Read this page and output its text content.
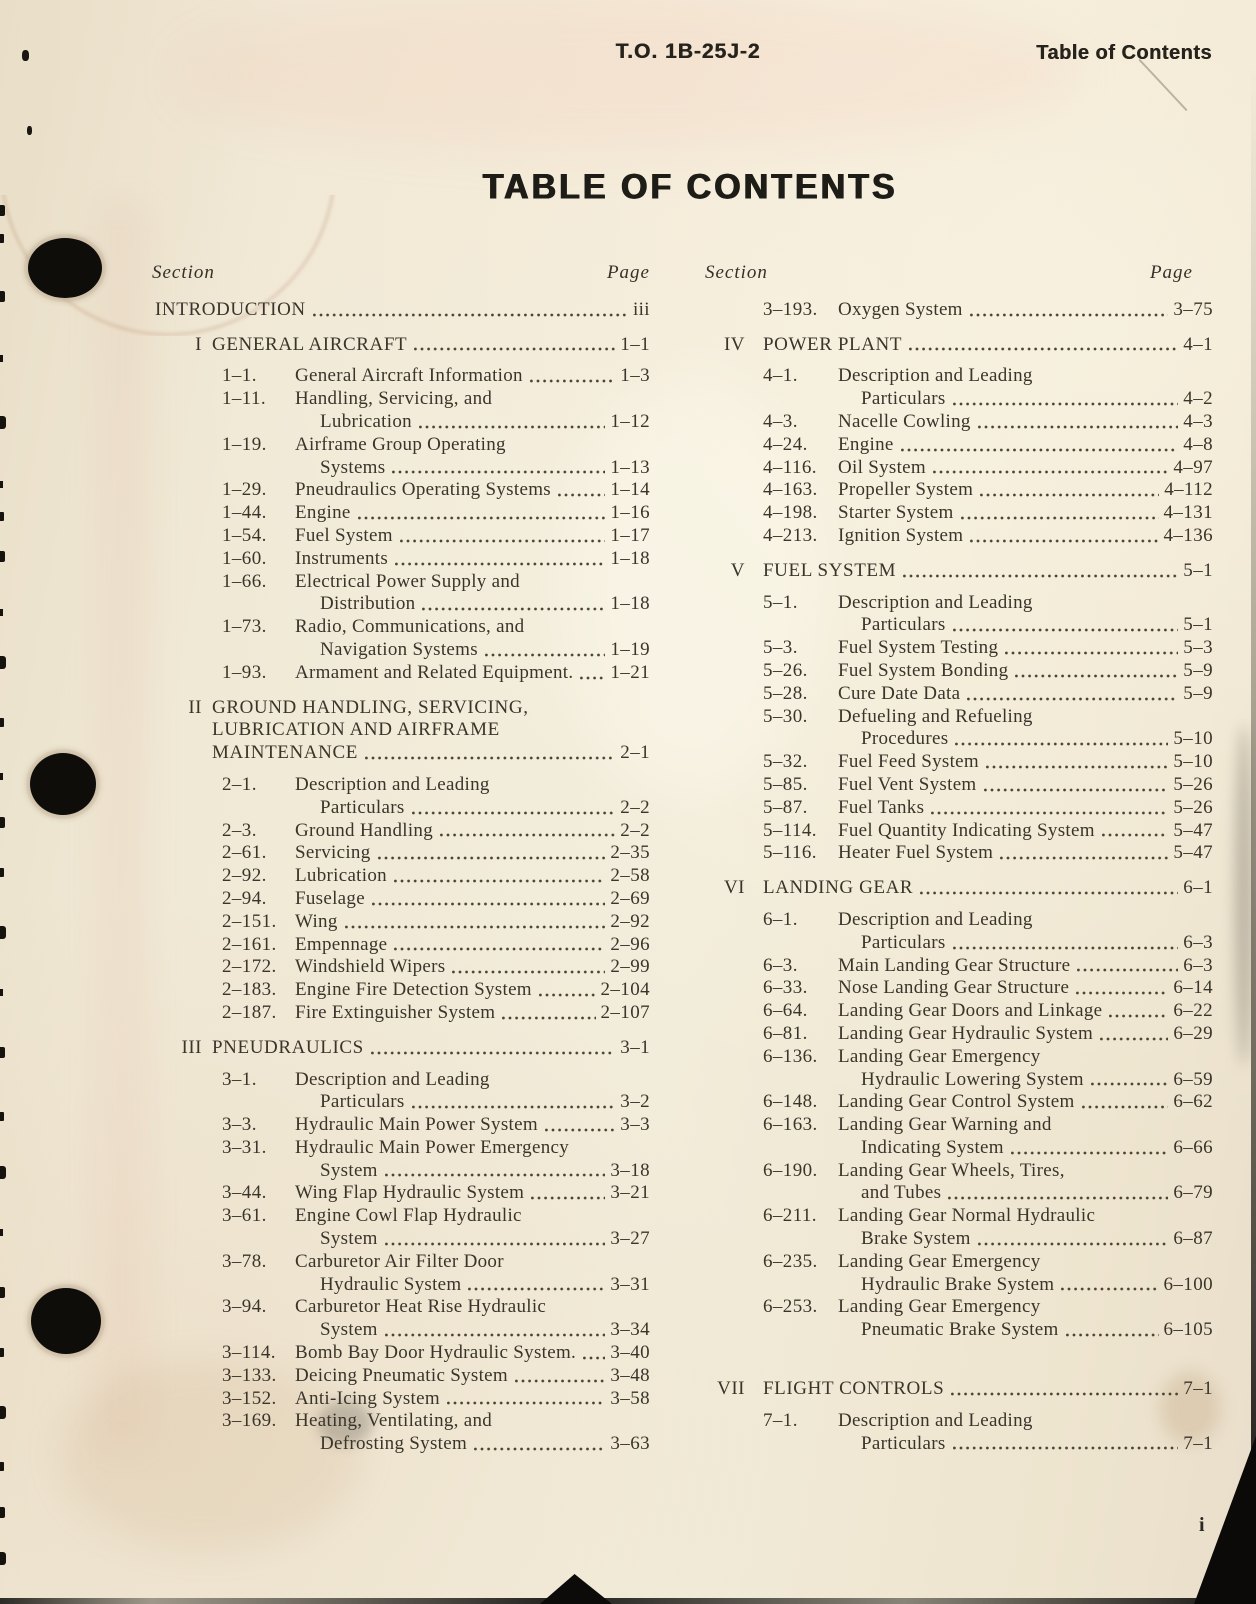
T.O. 1B-25J-2	Table of Contents
TABLE OF CONTENTS
Section	Page
INTRODUCTION	iii
I GENERAL AIRCRAFT	1–1
1–1.	General Aircraft Information	1–3
1–11.	Handling, Servicing, and
Lubrication	1–12
1–19.	Airframe Group Operating
Systems	1–13
1–29.	Pneudraulics Operating Systems	1–14
1–44.	Engine	1–16
1–54.	Fuel System	1–17
1–60.	Instruments	1–18
1–66.	Electrical Power Supply and
Distribution	1–18
1–73.	Radio, Communications, and
Navigation Systems	1–19
1–93.	Armament and Related Equipment. 1–21
II GROUND HANDLING, SERVICING,
LUBRICATION AND AIRFRAME
MAINTENANCE	2–1
2–1.	Description and Leading
Particulars	2–2
2–3.	Ground Handling	2–2
2–61.	Servicing	2–35
2–92.	Lubrication	2–58
2–94.	Fuselage	2–69
2–151. Wing	2–92
2–161. Empennage	2–96
2–172. Windshield Wipers	2–99
2–183. Engine Fire Detection System	2–104
2–187. Fire Extinguisher System	2–107
III PNEUDRAULICS	3–1
3–1.	Description and Leading
Particulars	3–2
3–3.	Hydraulic Main Power System	3–3
3–31.	Hydraulic Main Power Emergency
System	3–18
3–44.	Wing Flap Hydraulic System	3–21
3–61.	Engine Cowl Flap Hydraulic
System	3–27
3–78.	Carburetor Air Filter Door
Hydraulic System	3–31
3–94.	Carburetor Heat Rise Hydraulic
System	3–34
3–114.	Bomb Bay Door Hydraulic System. 3–40
3–133. Deicing Pneumatic System	3–48
3–152. Anti-Icing System	3–58
3–169. Heating, Ventilating, and
Defrosting System	3–63
Section	Page
3–193.	Oxygen System	3–75
IV POWER PLANT	4–1
4–1.	Description and Leading
Particulars	4–2
4–3.	Nacelle Cowling	4–3
4–24.	Engine	4–8
4–116.	Oil System	4–97
4–163.	Propeller System	4–112
4–198.	Starter System	4–131
4–213.	Ignition System	4–136
V FUEL SYSTEM	5–1
5–1.	Description and Leading
Particulars	5–1
5–3.	Fuel System Testing	5–3
5–26.	Fuel System Bonding	5–9
5–28.	Cure Date Data	5–9
5–30.	Defueling and Refueling
Procedures	5–10
5–32.	Fuel Feed System	5–10
5–85.	Fuel Vent System	5–26
5–87.	Fuel Tanks	5–26
5–114.	Fuel Quantity Indicating System	5–47
5–116.	Heater Fuel System	5–47
VI LANDING GEAR	6–1
6–1.	Description and Leading
Particulars	6–3
6–3.	Main Landing Gear Structure	6–3
6–33.	Nose Landing Gear Structure	6–14
6–64.	Landing Gear Doors and Linkage	6–22
6–81.	Landing Gear Hydraulic System	6–29
6–136.	Landing Gear Emergency
Hydraulic Lowering System	6–59
6–148.	Landing Gear Control System	6–62
6–163.	Landing Gear Warning and
Indicating System	6–66
6–190.	Landing Gear Wheels, Tires,
and Tubes	6–79
6–211.	Landing Gear Normal Hydraulic
Brake System	6–87
6–235.	Landing Gear Emergency
Hydraulic Brake System	6–100
6–253.	Landing Gear Emergency
Pneumatic Brake System	6–105
VII FLIGHT CONTROLS	7–1
7–1.	Description and Leading
Particulars	7–1
i
